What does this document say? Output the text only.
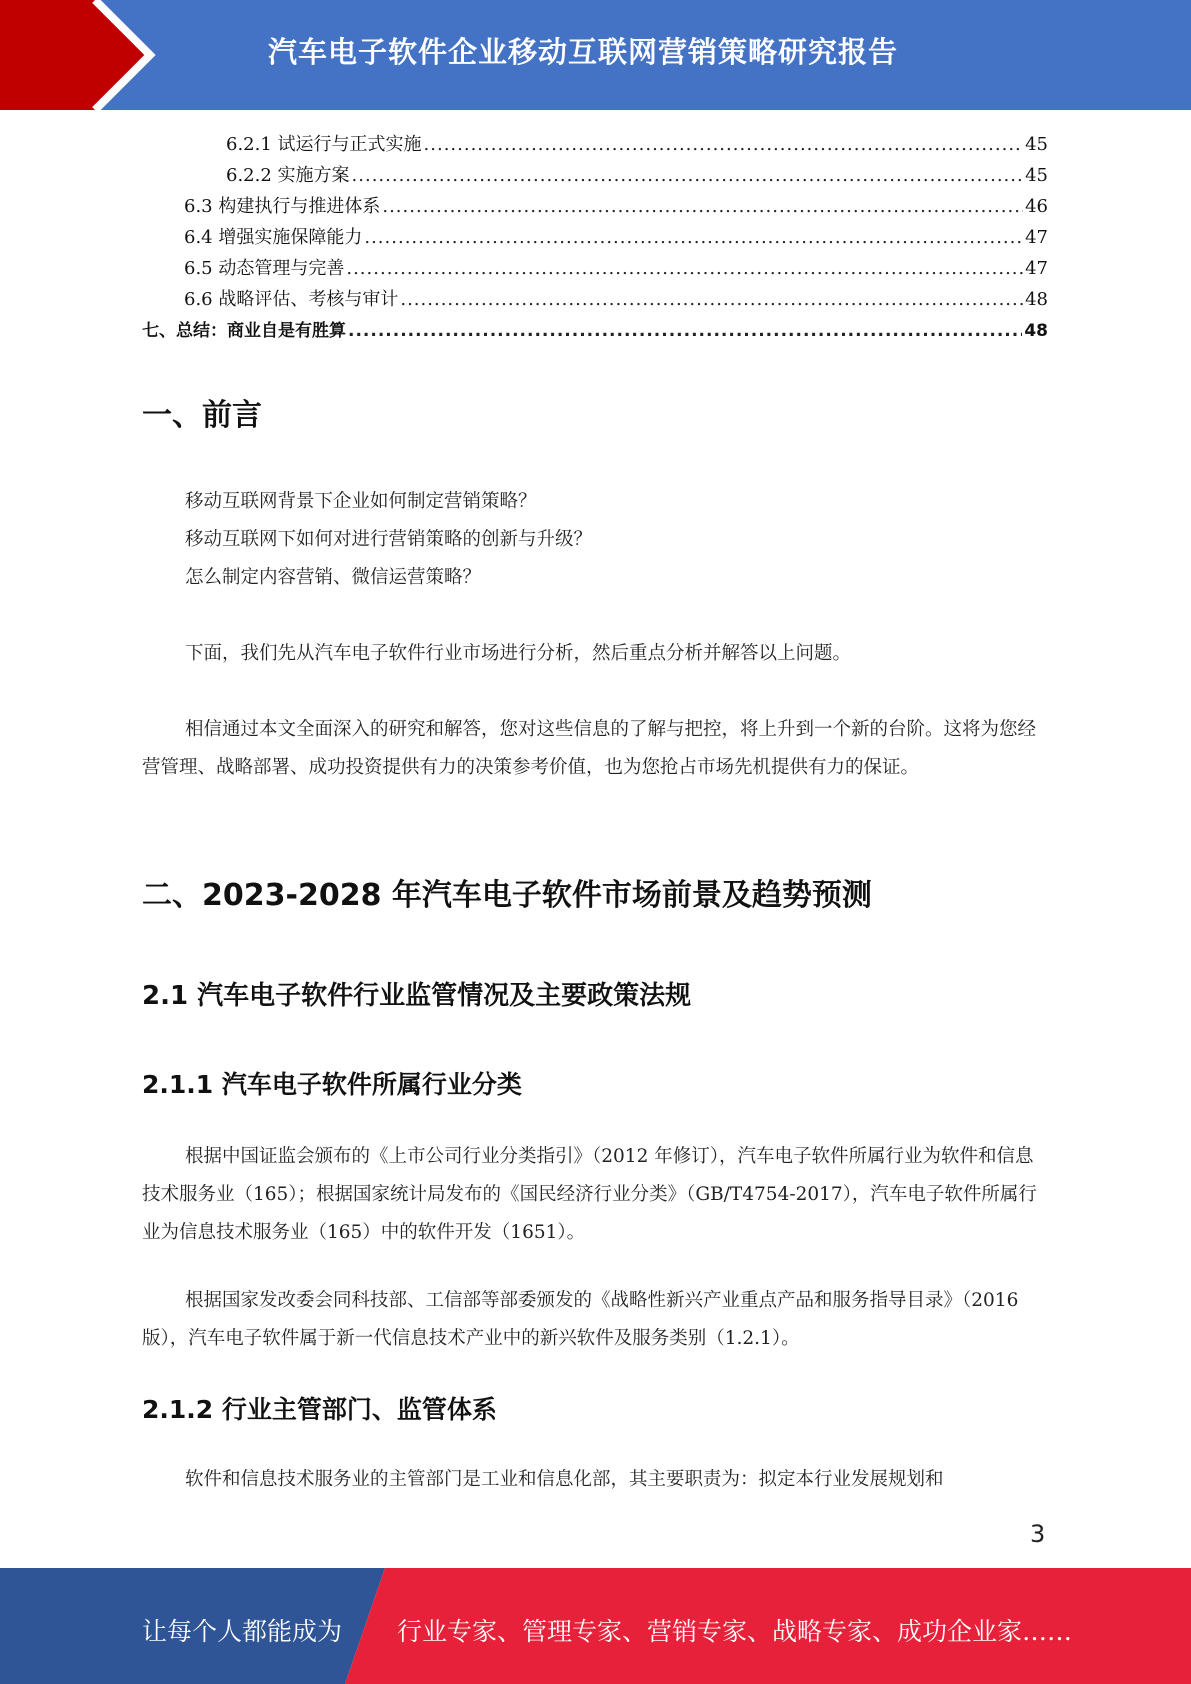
汽车电子软件企业移动互联网营销策略研究报告
6.2.1 试运行与正式实施 .....	45
6.2.2 实施方案 .....	45
6.3 构建执行与推进体系 .....	46
6.4 增强实施保障能力 .....	47
6.5 动态管理与完善 .....	47
6.6 战略评估、考核与审计 .....	48
七、总结：商业自是有胜算 .....	48
一、前言
移动互联网背景下企业如何制定营销策略？
移动互联网下如何对进行营销策略的创新与升级？
怎么制定内容营销、微信运营策略？
下面，我们先从汽车电子软件行业市场进行分析，然后重点分析并解答以上问题。
相信通过本文全面深入的研究和解答，您对这些信息的了解与把控，将上升到一个新的台阶。这将为您经营管理、战略部署、成功投资提供有力的决策参考价值，也为您抢占市场先机提供有力的保证。
二、2023-2028 年汽车电子软件市场前景及趋势预测
2.1 汽车电子软件行业监管情况及主要政策法规
2.1.1 汽车电子软件所属行业分类
根据中国证监会颁布的《上市公司行业分类指引》（2012 年修订），汽车电子软件所属行业为软件和信息技术服务业（165）；根据国家统计局发布的《国民经济行业分类》（GB/T4754-2017），汽车电子软件所属行业为信息技术服务业（165）中的软件开发（1651）。
根据国家发改委会同科技部、工信部等部委颁发的《战略性新兴产业重点产品和服务指导目录》（2016 版），汽车电子软件属于新一代信息技术产业中的新兴软件及服务类别（1.2.1）。
2.1.2 行业主管部门、监管体系
软件和信息技术服务业的主管部门是工业和信息化部，其主要职责为：拟定本行业发展规划和
3
让每个人都能成为 行业专家、管理专家、营销专家、战略专家、成功企业家……
